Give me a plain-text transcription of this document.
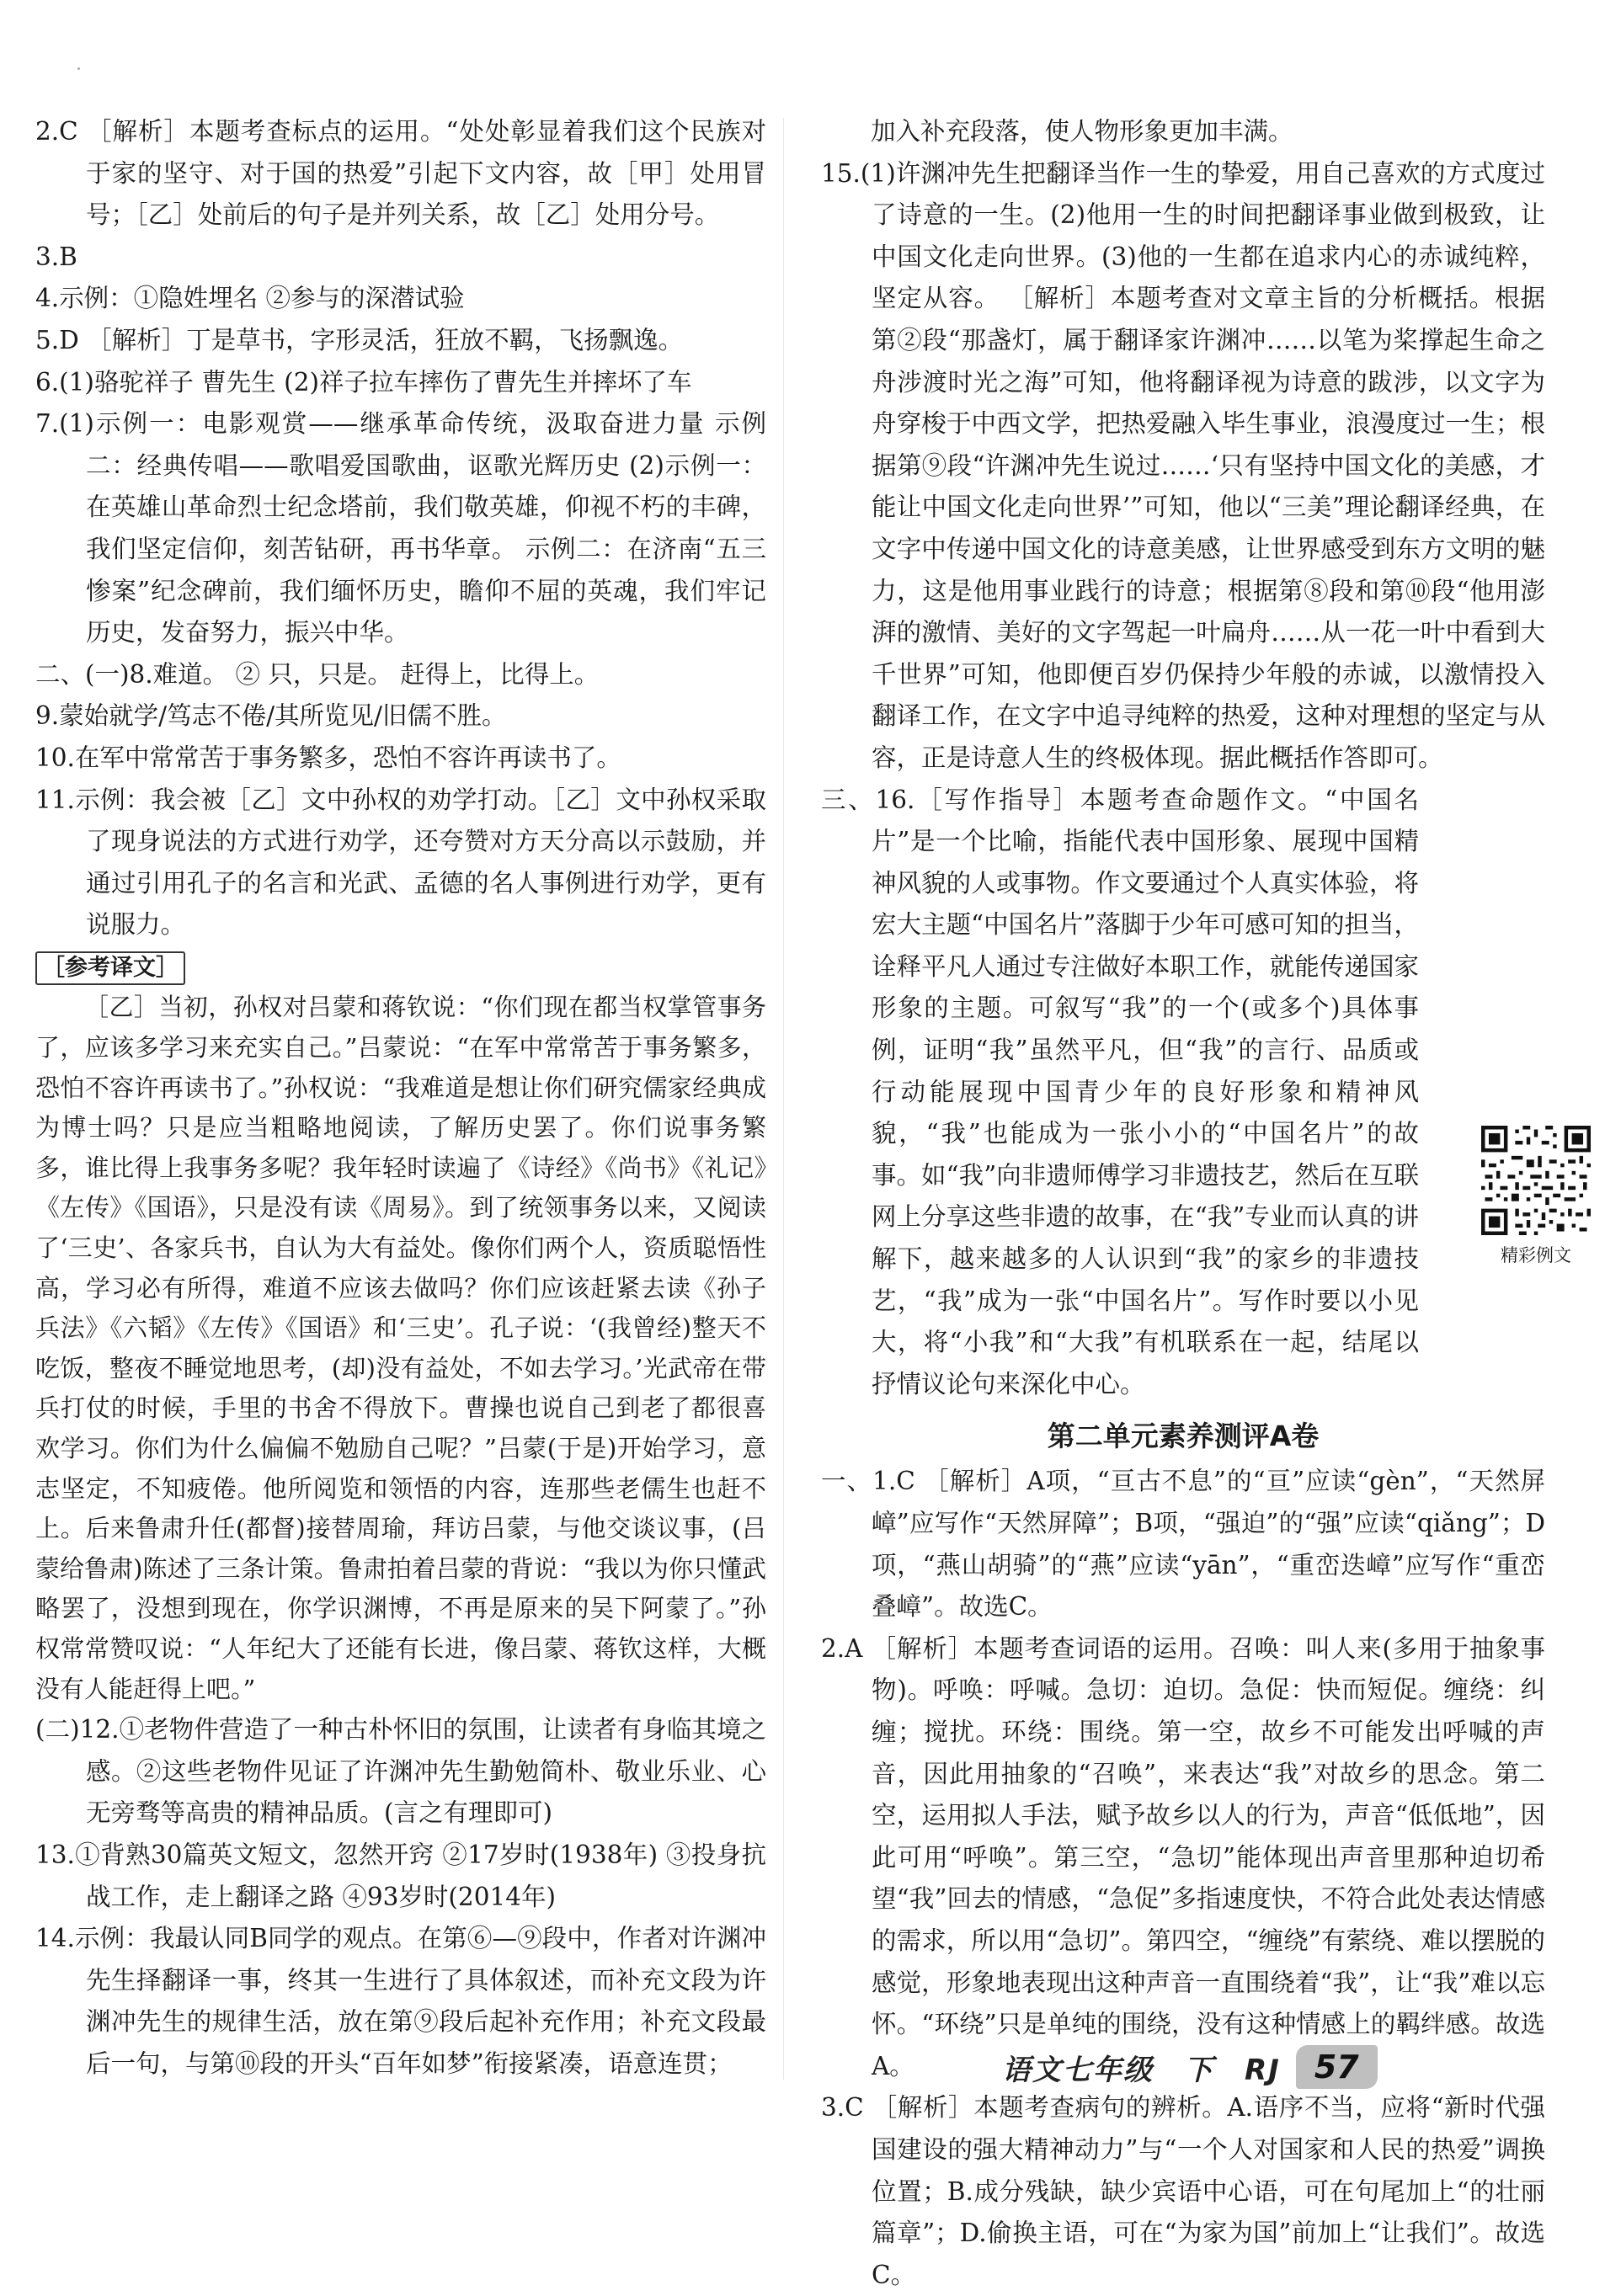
2.C ［解析］本题考查标点的运用。“处处彰显着我们这个民族对于家的坚守、对于国的热爱”引起下文内容，故［甲］处用冒号；［乙］处前后的句子是并列关系，故［乙］处用分号。

3.B

4.示例：①隐姓埋名 ②参与的深潜试验

5.D ［解析］丁是草书，字形灵活，狂放不羁，飞扬飘逸。

6.(1)骆驼祥子 曹先生 (2)祥子拉车摔伤了曹先生并摔坏了车

7.(1)示例一：电影观赏——继承革命传统，汲取奋进力量 示例二：经典传唱——歌唱爱国歌曲，讴歌光辉历史 (2)示例一：在英雄山革命烈士纪念塔前，我们敬英雄，仰视不朽的丰碑，我们坚定信仰，刻苦钻研，再书华章。 示例二：在济南“五三惨案”纪念碑前，我们缅怀历史，瞻仰不屈的英魂，我们牢记历史，发奋努力，振兴中华。

二、(一)8.难道。 ② 只，只是。 赶得上，比得上。

9.蒙始就学/笃志不倦/其所览见/旧儒不胜。

10.在军中常常苦于事务繁多，恐怕不容许再读书了。

11.示例：我会被［乙］文中孙权的劝学打动。［乙］文中孙权采取了现身说法的方式进行劝学，还夸赞对方天分高以示鼓励，并通过引用孔子的名言和光武、孟德的名人事例进行劝学，更有说服力。

［参考译文］

［乙］当初，孙权对吕蒙和蒋钦说：“你们现在都当权掌管事务了，应该多学习来充实自己。”吕蒙说：“在军中常常苦于事务繁多，恐怕不容许再读书了。”孙权说：“我难道是想让你们研究儒家经典成为博士吗？只是应当粗略地阅读，了解历史罢了。你们说事务繁多，谁比得上我事务多呢？我年轻时读遍了《诗经》《尚书》《礼记》《左传》《国语》，只是没有读《周易》。到了统领事务以来，又阅读了‘三史’、各家兵书，自认为大有益处。像你们两个人，资质聪悟性高，学习必有所得，难道不应该去做吗？你们应该赶紧去读《孙子兵法》《六韬》《左传》《国语》和‘三史’。孔子说：‘(我曾经)整天不吃饭，整夜不睡觉地思考，(却)没有益处，不如去学习。’光武帝在带兵打仗的时候，手里的书舍不得放下。曹操也说自己到老了都很喜欢学习。你们为什么偏偏不勉励自己呢？”吕蒙(于是)开始学习，意志坚定，不知疲倦。他所阅览和领悟的内容，连那些老儒生也赶不上。后来鲁肃升任(都督)接替周瑜，拜访吕蒙，与他交谈议事，(吕蒙给鲁肃)陈述了三条计策。鲁肃拍着吕蒙的背说：“我以为你只懂武略罢了，没想到现在，你学识渊博，不再是原来的吴下阿蒙了。”孙权常常赞叹说：“人年纪大了还能有长进，像吕蒙、蒋钦这样，大概没有人能赶得上吧。”

(二)12.①老物件营造了一种古朴怀旧的氛围，让读者有身临其境之感。②这些老物件见证了许渊冲先生勤勉简朴、敬业乐业、心无旁骛等高贵的精神品质。(言之有理即可)

13.①背熟30篇英文短文，忽然开窍 ②17岁时(1938年) ③投身抗战工作，走上翻译之路 ④93岁时(2014年)

14.示例：我最认同B同学的观点。在第⑥—⑨段中，作者对许渊冲先生择翻译一事，终其一生进行了具体叙述，而补充文段为许渊冲先生的规律生活，放在第⑨段后起补充作用；补充文段最后一句，与第⑩段的开头“百年如梦”衔接紧凑，语意连贯；

　　加入补充段落，使人物形象更加丰满。

15.(1)许渊冲先生把翻译当作一生的挚爱，用自己喜欢的方式度过了诗意的一生。(2)他用一生的时间把翻译事业做到极致，让中国文化走向世界。(3)他的一生都在追求内心的赤诚纯粹，坚定从容。 ［解析］本题考查对文章主旨的分析概括。根据第②段“那盏灯，属于翻译家许渊冲……以笔为桨撑起生命之舟涉渡时光之海”可知，他将翻译视为诗意的跋涉，以文字为舟穿梭于中西文学，把热爱融入毕生事业，浪漫度过一生；根据第⑨段“许渊冲先生说过……‘只有坚持中国文化的美感，才能让中国文化走向世界’”可知，他以“三美”理论翻译经典，在文字中传递中国文化的诗意美感，让世界感受到东方文明的魅力，这是他用事业践行的诗意；根据第⑧段和第⑩段“他用澎湃的激情、美好的文字驾起一叶扁舟……从一花一叶中看到大千世界”可知，他即便百岁仍保持少年般的赤诚，以激情投入翻译工作，在文字中追寻纯粹的热爱，这种对理想的坚定与从容，正是诗意人生的终极体现。据此概括作答即可。

三、16.［写作指导］本题考查命题作文。“中国名片”是一个比喻，指能代表中国形象、展现中国精神风貌的人或事物。作文要通过个人真实体验，将宏大主题“中国名片”落脚于少年可感可知的担当，诠释平凡人通过专注做好本职工作，就能传递国家形象的主题。可叙写“我”的一个(或多个)具体事例，证明“我”虽然平凡，但“我”的言行、品质或行动能展现中国青少年的良好形象和精神风貌，“我”也能成为一张小小的“中国名片”的故事。如“我”向非遗师傅学习非遗技艺，然后在互联网上分享这些非遗的故事，在“我”专业而认真的讲解下，越来越多的人认识到“我”的家乡的非遗技艺，“我”成为一张“中国名片”。写作时要以小见大，将“小我”和“大我”有机联系在一起，结尾以抒情议论句来深化中心。

第二单元素养测评A卷

一、1.C ［解析］A项，“亘古不息”的“亘”应读“gèn”，“天然屏嶂”应写作“天然屏障”；B项，“强迫”的“强”应读“qiǎng”；D项，“燕山胡骑”的“燕”应读“yān”，“重峦迭嶂”应写作“重峦叠嶂”。故选C。

2.A ［解析］本题考查词语的运用。召唤：叫人来(多用于抽象事物)。呼唤：呼喊。急切：迫切。急促：快而短促。缠绕：纠缠；搅扰。环绕：围绕。第一空，故乡不可能发出呼喊的声音，因此用抽象的“召唤”，来表达“我”对故乡的思念。第二空，运用拟人手法，赋予故乡以人的行为，声音“低低地”，因此可用“呼唤”。第三空，“急切”能体现出声音里那种迫切希望“我”回去的情感，“急促”多指速度快，不符合此处表达情感的需求，所以用“急切”。第四空，“缠绕”有萦绕、难以摆脱的感觉，形象地表现出这种声音一直围绕着“我”，让“我”难以忘怀。“环绕”只是单纯的围绕，没有这种情感上的羁绊感。故选A。

3.C ［解析］本题考查病句的辨析。A.语序不当，应将“新时代强国建设的强大精神动力”与“一个人对国家和人民的热爱”调换位置；B.成分残缺，缺少宾语中心语，可在句尾加上“的壮丽篇章”；D.偷换主语，可在“为家为国”前加上“让我们”。故选C。

精彩例文
语文七年级　下　RJ	57
